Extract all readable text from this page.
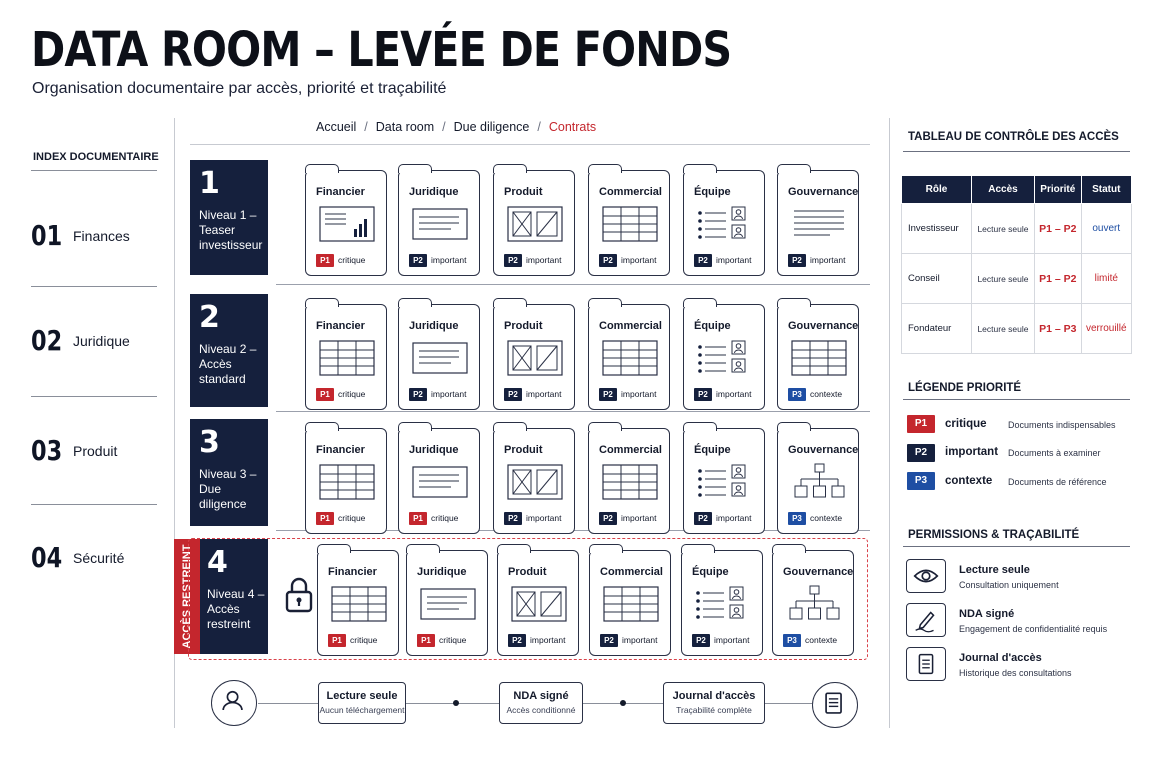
DATA ROOM – LEVÉE DE FONDS
Organisation documentaire par accès, priorité et traçabilité
INDEX DOCUMENTAIRE
01 Finances
02 Juridique
03 Produit
04 Sécurité
Accueil / Data room / Due diligence / Contrats
1
Niveau 1 – Teaser investisseur
2
Niveau 2 – Accès standard
3
Niveau 3 – Due diligence
ACCÈS RESTREINT 4
Niveau 4 – Accès restreint
Financier
P1 critique
Juridique
P2 important
Produit
P2 important
Commercial
P2 important
Équipe
P2 important
Gouvernance
P2 important
Financier
P1 critique
Juridique
P2 important
Produit
P2 important
Commercial
P2 important
Équipe
P2 important
Gouvernance
P3 contexte
Financier
P1 critique
Juridique
P1 critique
Produit
P2 important
Commercial
P2 important
Équipe
P2 important
Gouvernance
P3 contexte
Financier
P1 critique
Juridique
P1 critique
Produit
P2 important
Commercial
P2 important
Équipe
P2 important
Gouvernance
P3 contexte
Lecture seule
Aucun téléchargement
NDA signé
Accès conditionné
Journal d'accès
Traçabilité complète
TABLEAU DE CONTRÔLE DES ACCÈS
Rôle	Accès	Priorité	Statut
Investisseur	Lecture seule	P1 – P2	ouvert
Conseil	Lecture seule	P1 – P2	limité
Fondateur	Lecture seule	P1 – P3	verrouillé
LÉGENDE PRIORITÉ
P1	critique Documents indispensables
P2	important Documents à examiner
P3	contexte Documents de référence
PERMISSIONS & TRAÇABILITÉ
Lecture seule
Consultation uniquement
NDA signé
Engagement de confidentialité requis
Journal d'accès
Historique des consultations
